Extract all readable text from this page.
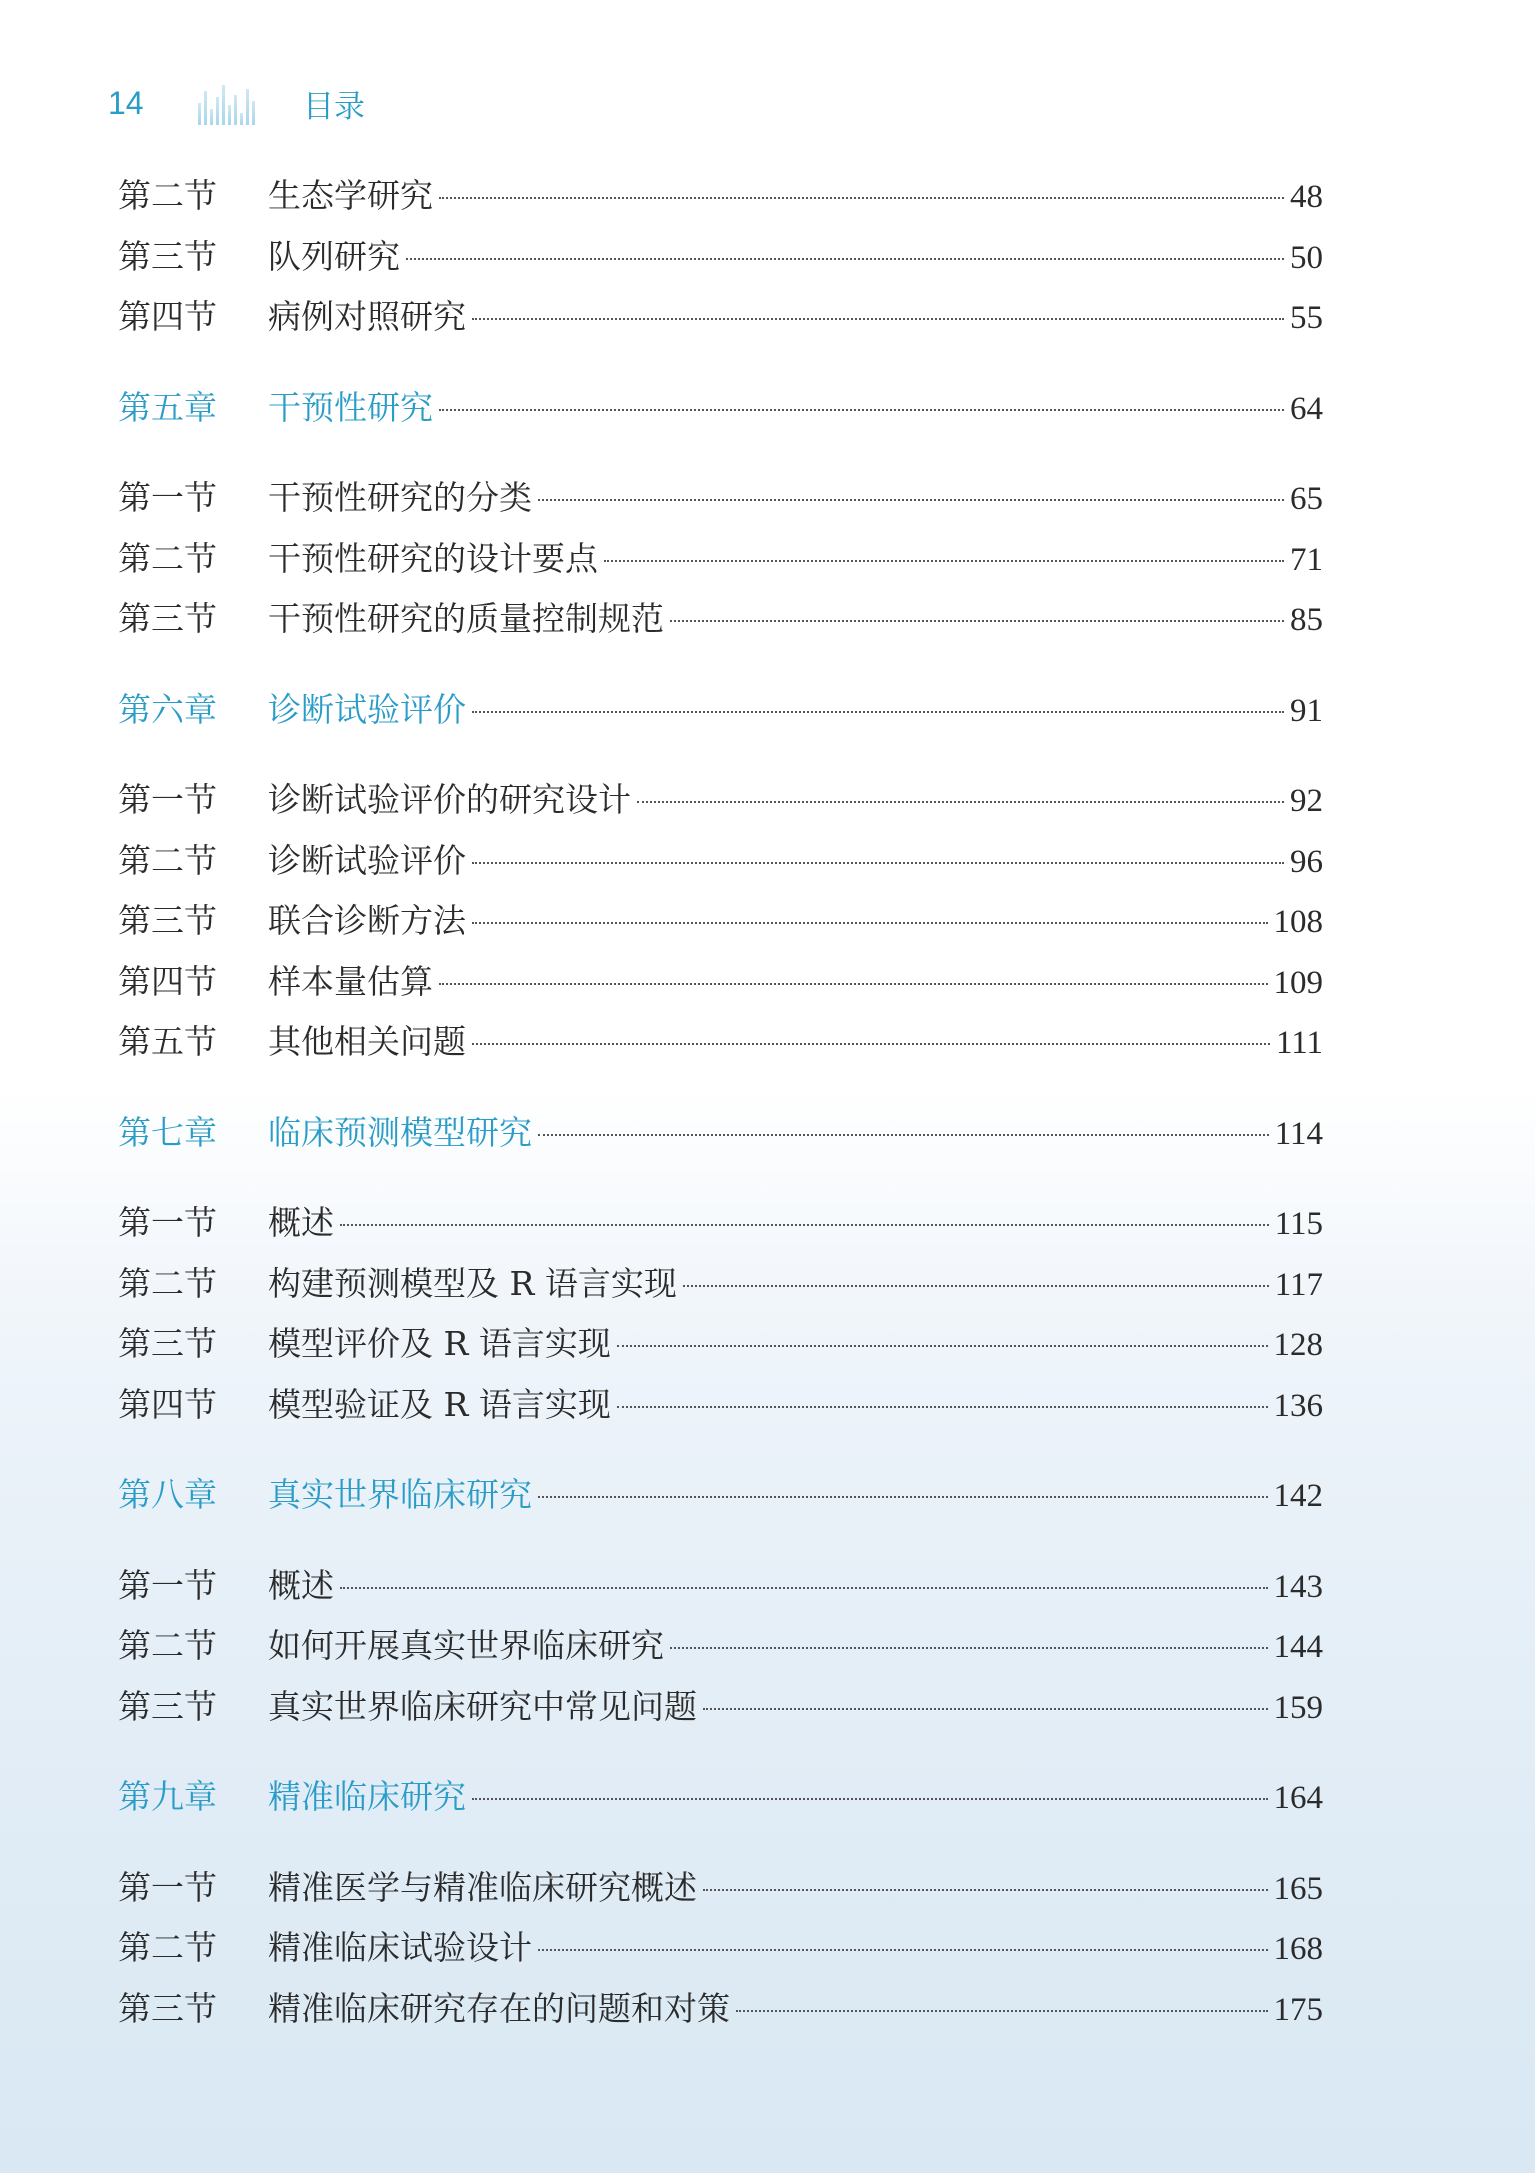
14	目录
第二节	生态学研究	48
第三节	队列研究	50
第四节	病例对照研究	55
第五章	干预性研究	64
第一节	干预性研究的分类	65
第二节	干预性研究的设计要点	71
第三节	干预性研究的质量控制规范	85
第六章	诊断试验评价	91
第一节	诊断试验评价的研究设计	92
第二节	诊断试验评价	96
第三节	联合诊断方法	108
第四节	样本量估算	109
第五节	其他相关问题	111
第七章	临床预测模型研究	114
第一节	概述	115
第二节	构建预测模型及 R 语言实现	117
第三节	模型评价及 R 语言实现	128
第四节	模型验证及 R 语言实现	136
第八章	真实世界临床研究	142
第一节	概述	143
第二节	如何开展真实世界临床研究	144
第三节	真实世界临床研究中常见问题	159
第九章	精准临床研究	164
第一节	精准医学与精准临床研究概述	165
第二节	精准临床试验设计	168
第三节	精准临床研究存在的问题和对策	175
